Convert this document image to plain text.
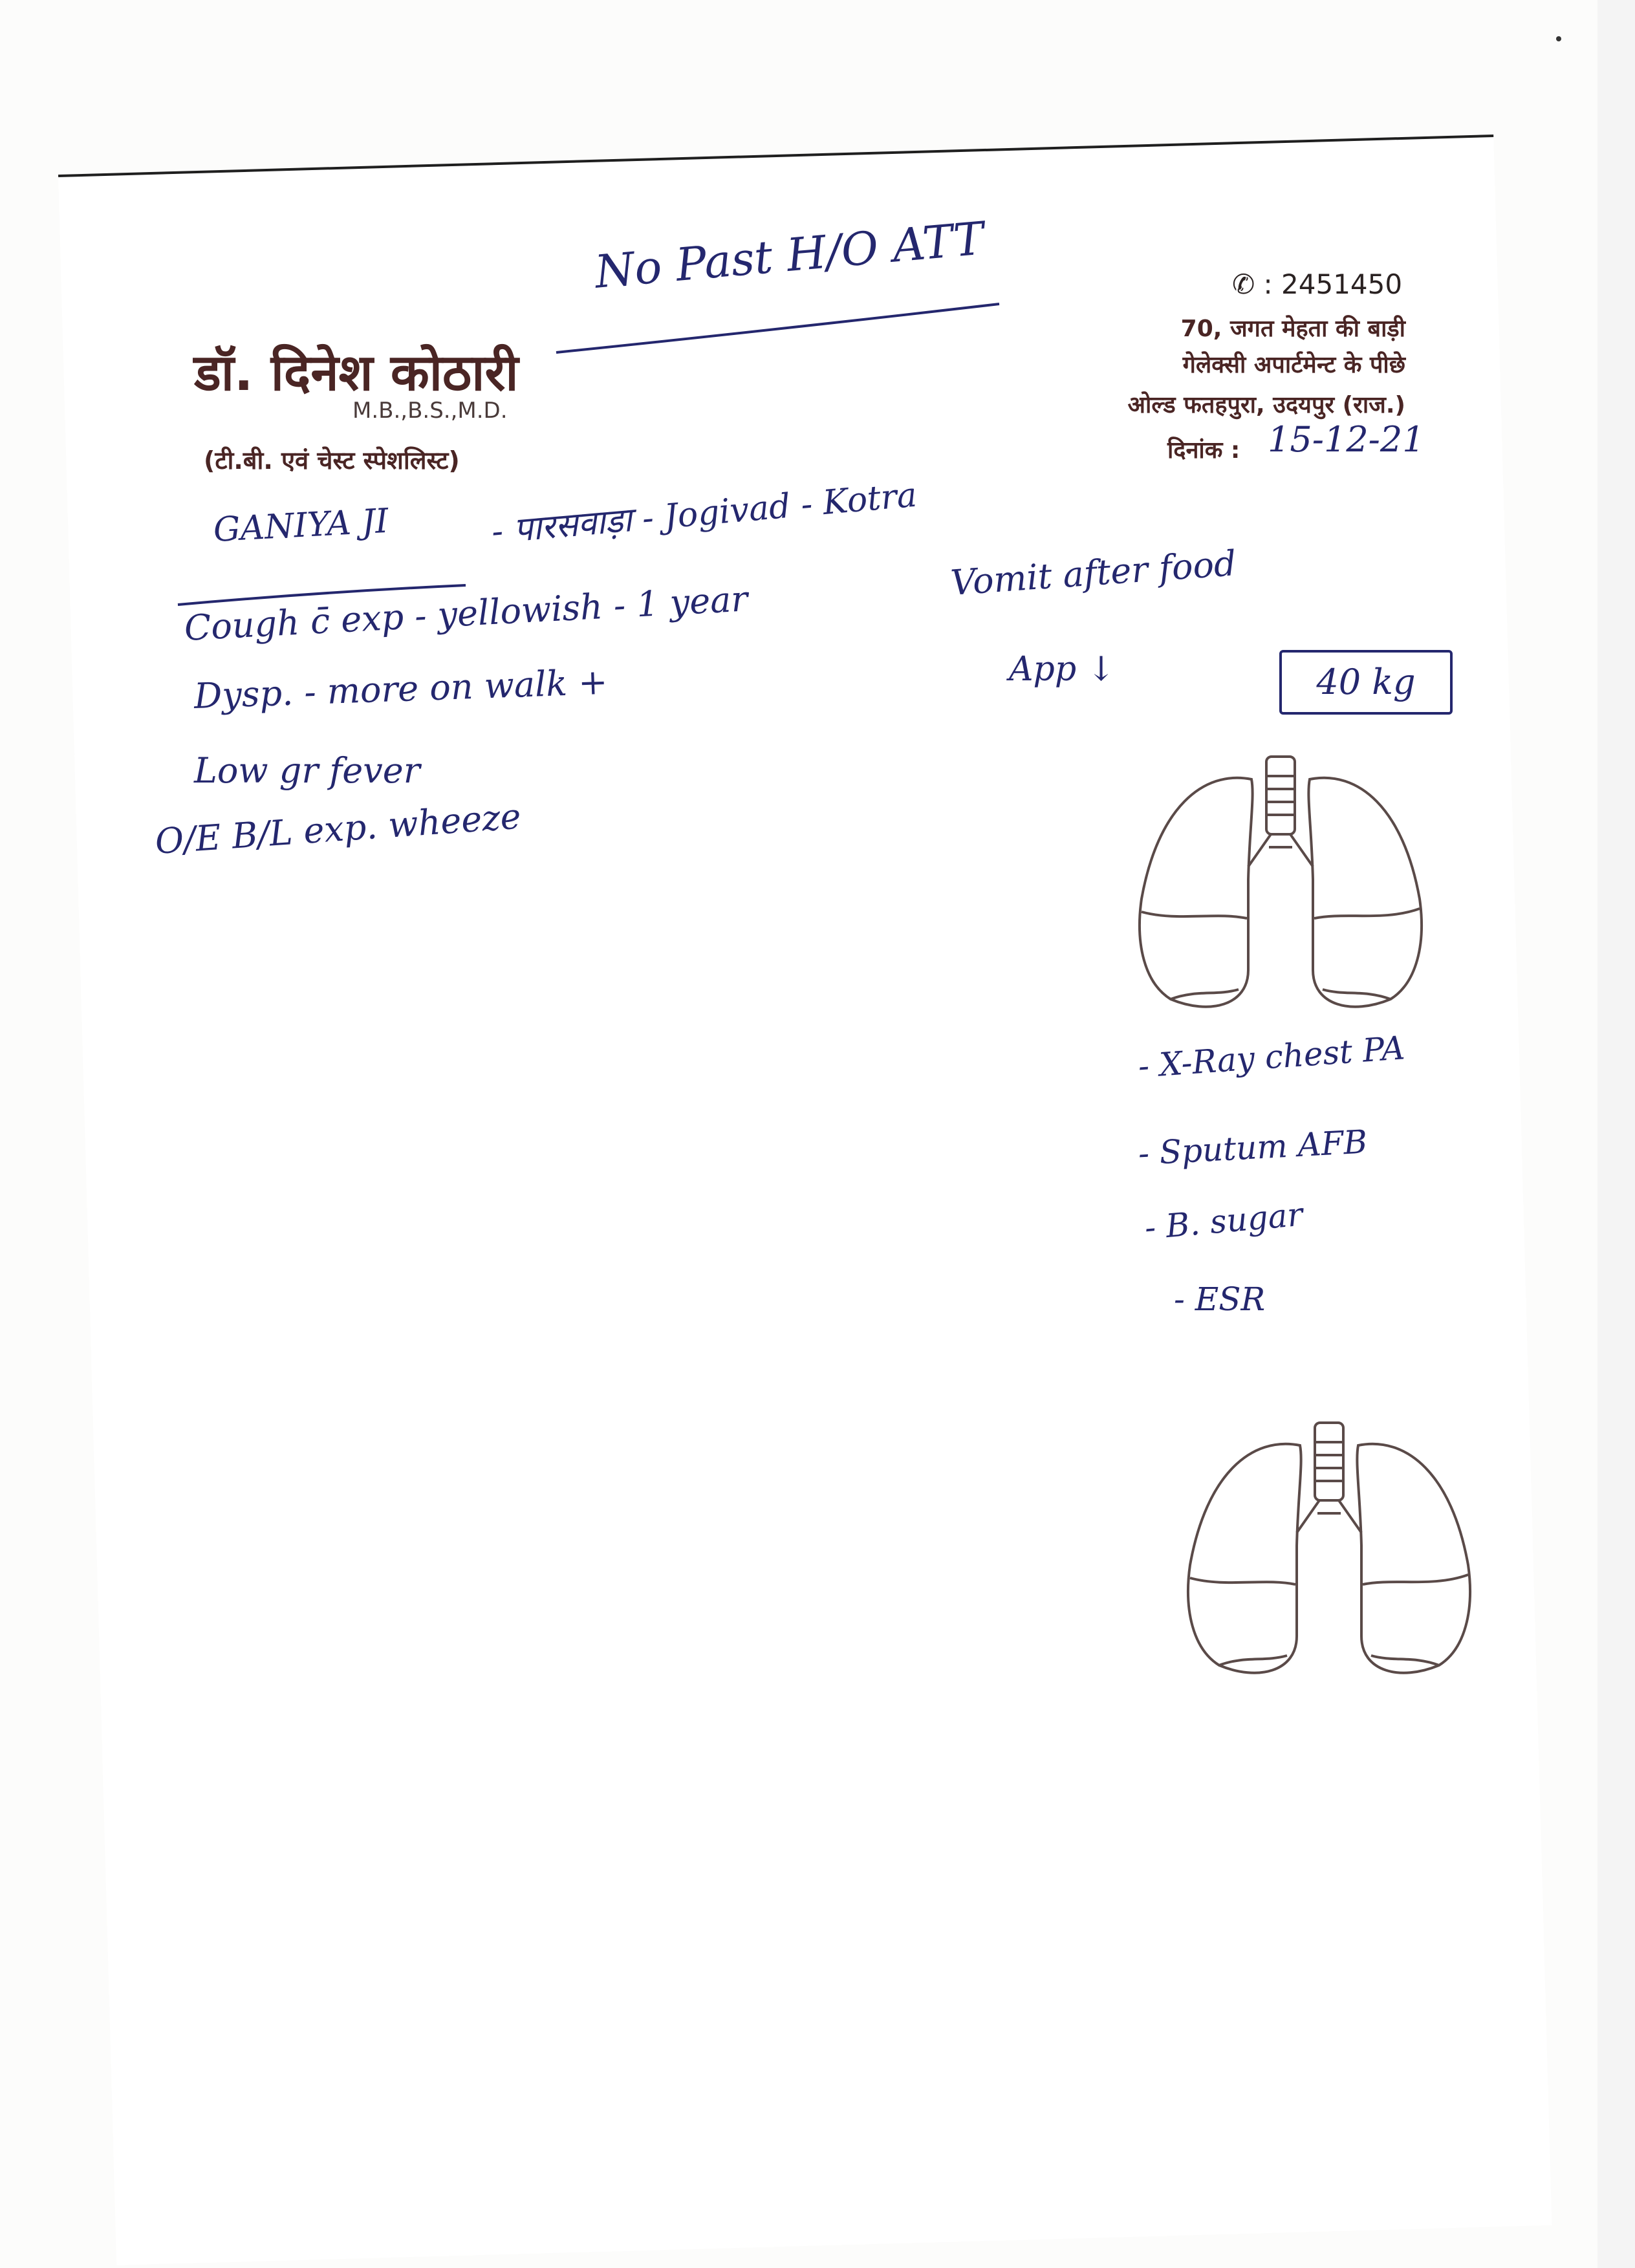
डॉ. दिनेश कोठारी
M.B.,B.S.,M.D.
(टी.बी. एवं चेस्ट स्पेशलिस्ट)
✆ : 2451450
70, जगत मेहता की बाड़ी
गेलेक्सी अपार्टमेन्ट के पीछे
ओल्ड फतहपुरा, उदयपुर (राज.)
दिनांक : 15-12-21
No Past H/O ATT
GANIYA JI	- पारसवाड़ा - Jogivad - Kotra
Cough c̄ exp - yellowish - 1 year
Dysp. - more on walk +
Low gr fever
O/E B/L exp. wheeze
Vomit after food
App ↓	40 kg
- X-Ray chest PA
- Sputum AFB
- B. sugar
- ESR
